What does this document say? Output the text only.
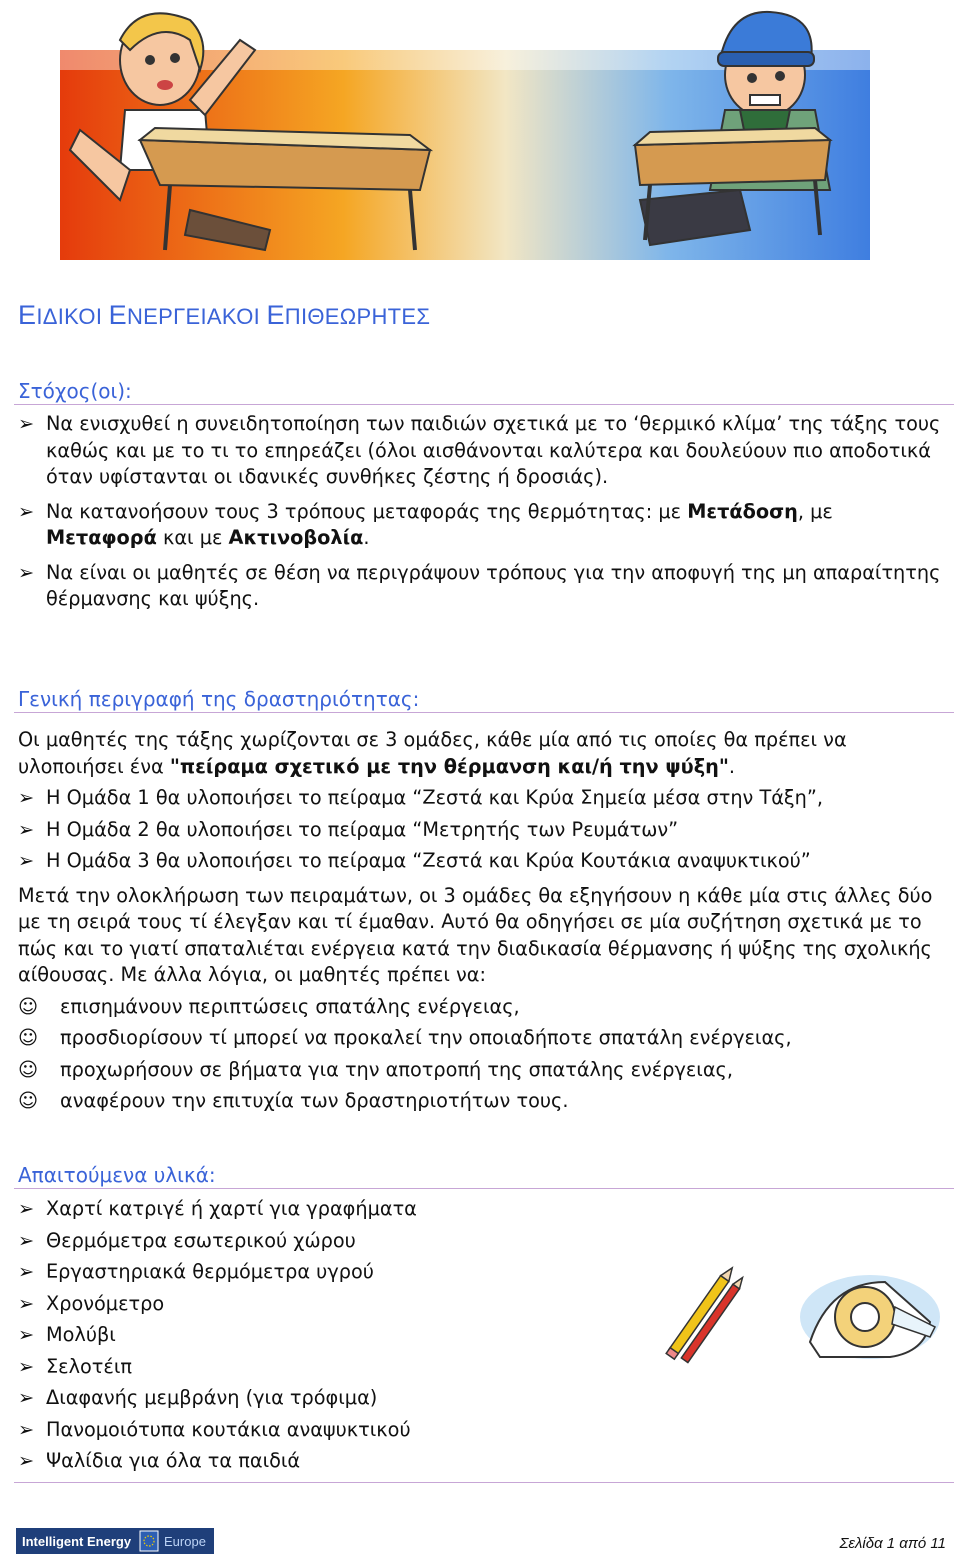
ΕΙΔΙΚΟΙ ΕΝΕΡΓΕΙΑΚΟΙ ΕΠΙΘΕΩΡΗΤΕΣ
Στόχος(οι):
➢ Να ενισχυθεί η συνειδητοποίηση των παιδιών σχετικά με το ‘θερμικό κλίμα’ της τάξης τους καθώς και με το τι το επηρεάζει (όλοι αισθάνονται καλύτερα και δουλεύουν πιο αποδοτικά όταν υφίστανται οι ιδανικές συνθήκες ζέστης ή δροσιάς).
➢ Να κατανοήσουν τους 3 τρόπους μεταφοράς της θερμότητας: με Μετάδοση, με Μεταφορά και με Ακτινοβολία.
➢ Να είναι οι μαθητές σε θέση να περιγράψουν τρόπους για την αποφυγή της μη απαραίτητης θέρμανσης και ψύξης.
Γενική περιγραφή της δραστηριότητας:

Οι μαθητές της τάξης χωρίζονται σε 3 ομάδες, κάθε μία από τις οποίες θα πρέπει να υλοποιήσει ένα "πείραμα σχετικό με την θέρμανση και/ή την ψύξη".

➢ Η Ομάδα 1 θα υλοποιήσει το πείραμα “Ζεστά και Κρύα Σημεία μέσα στην Τάξη”,
➢ Η Ομάδα 2 θα υλοποιήσει το πείραμα “Μετρητής των Ρευμάτων”
➢ Η Ομάδα 3 θα υλοποιήσει το πείραμα “Ζεστά και Κρύα Κουτάκια αναψυκτικού”

Μετά την ολοκλήρωση των πειραμάτων, οι 3 ομάδες θα εξηγήσουν η κάθε μία στις άλλες δύο με τη σειρά τους τί έλεγξαν και τί έμαθαν. Αυτό θα οδηγήσει σε μία συζήτηση σχετικά με το πώς και το γιατί σπαταλιέται ενέργεια κατά την διαδικασία θέρμανσης ή ψύξης της σχολικής αίθουσας. Με άλλα λόγια, οι μαθητές πρέπει να:

☺ επισημάνουν περιπτώσεις σπατάλης ενέργειας,
☺ προσδιορίσουν τί μπορεί να προκαλεί την οποιαδήποτε σπατάλη ενέργειας,
☺ προχωρήσουν σε βήματα για την αποτροπή της σπατάλης ενέργειας,
☺ αναφέρουν την επιτυχία των δραστηριοτήτων τους.
Απαιτούμενα υλικά:
➢ Χαρτί κατριγέ ή χαρτί για γραφήματα
➢ Θερμόμετρα εσωτερικού χώρου
➢ Εργαστηριακά θερμόμετρα υγρού
➢ Χρονόμετρο
➢ Μολύβι
➢ Σελοτέιπ
➢ Διαφανής μεμβράνη (για τρόφιμα)
➢ Πανομοιότυπα κουτάκια αναψυκτικού
➢ Ψαλίδια για όλα τα παιδιά
Intelligent Energy	Europe	Σελίδα 1 από 11
